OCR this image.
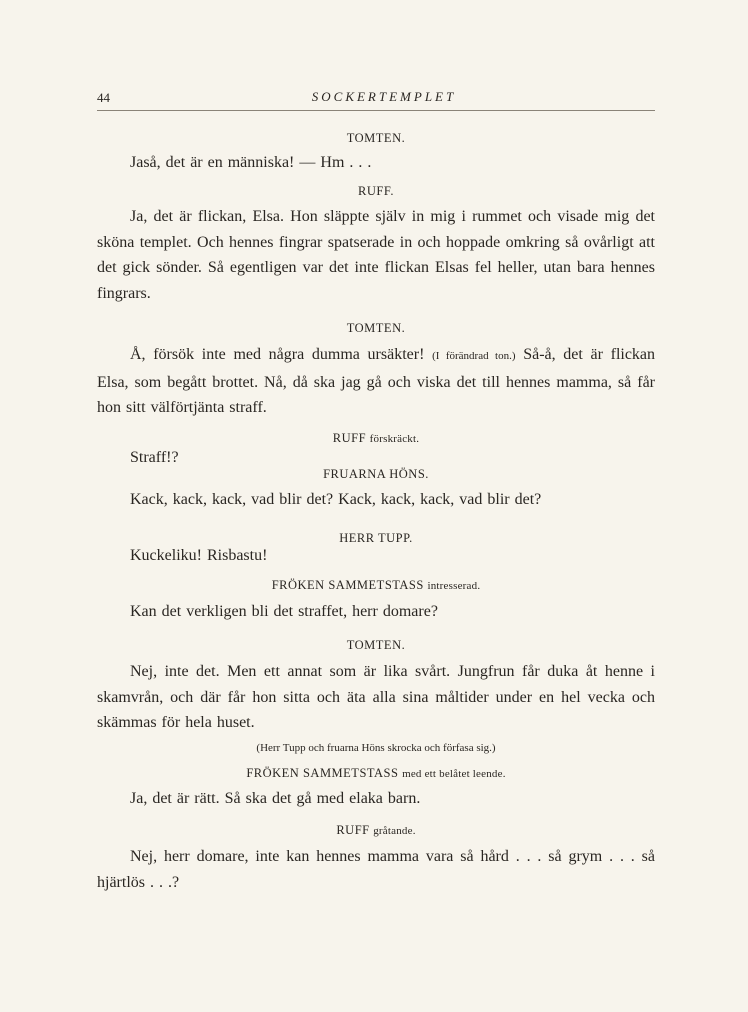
44	SOCKERTEMPLET
TOMTEN.
Jaså, det är en människa! — Hm . . .
RUFF.
Ja, det är flickan, Elsa. Hon släppte själv in mig i rummet och visade mig det sköna templet. Och hennes fingrar spatserade in och hoppade omkring så ovårligt att det gick sönder. Så egentligen var det inte flickan Elsas fel heller, utan bara hennes fingrars.
TOMTEN.
Å, försök inte med några dumma ursäkter! (I förändrad ton.) Så-å, det är flickan Elsa, som begått brottet. Nå, då ska jag gå och viska det till hennes mamma, så får hon sitt välförtjänta straff.
RUFF förskräckt.
Straff!?
FRUARNA HÖNS.
Kack, kack, kack, vad blir det? Kack, kack, kack, vad blir det?
HERR TUPP.
Kuckeliku! Risbastu!
FRÖKEN SAMMETSTASS intresserad.
Kan det verkligen bli det straffet, herr domare?
TOMTEN.
Nej, inte det. Men ett annat som är lika svårt. Jungfrun får duka åt henne i skamvrån, och där får hon sitta och äta alla sina måltider under en hel vecka och skämmas för hela huset.
(Herr Tupp och fruarna Höns skrocka och förfasa sig.)
FRÖKEN SAMMETSTASS med ett belåtet leende.
Ja, det är rätt. Så ska det gå med elaka barn.
RUFF gråtande.
Nej, herr domare, inte kan hennes mamma vara så hård . . . så grym . . . så hjärtlös . . .?
